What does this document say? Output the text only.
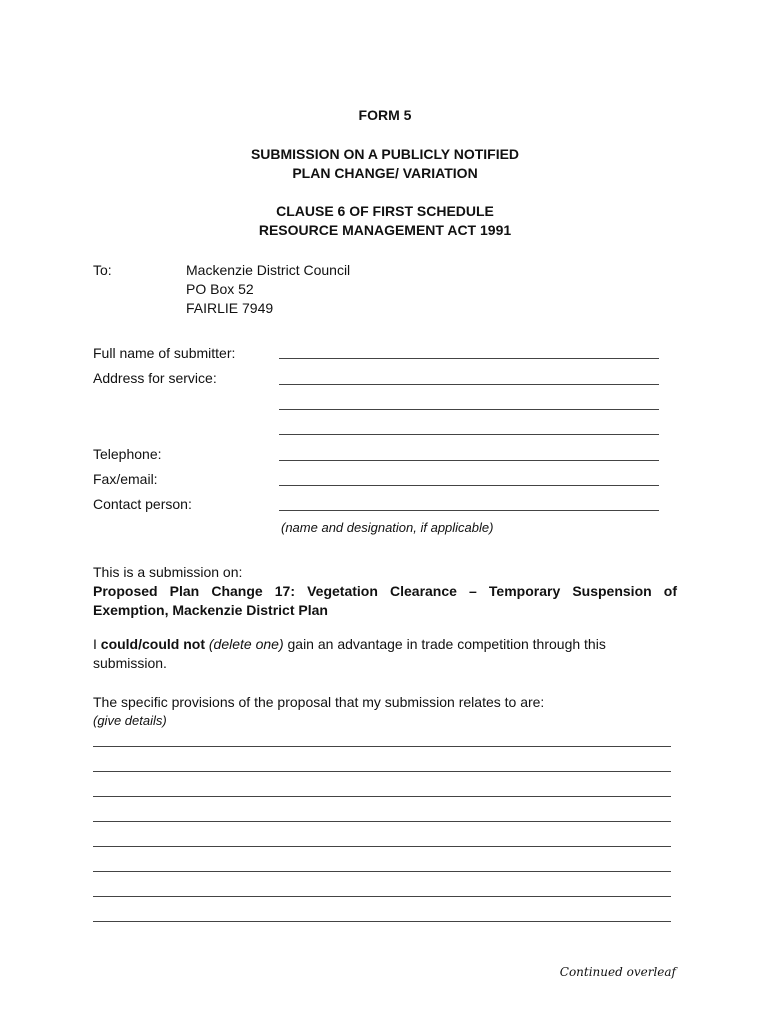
FORM 5
SUBMISSION ON A PUBLICLY NOTIFIED
PLAN CHANGE/ VARIATION
CLAUSE 6 OF FIRST SCHEDULE
RESOURCE MANAGEMENT ACT 1991
To:	Mackenzie District Council
PO Box 52
FAIRLIE 7949
Full name of submitter:
Address for service:
Telephone:
Fax/email:
Contact person:
(name and designation, if applicable)
This is a submission on:
Proposed Plan Change 17: Vegetation Clearance – Temporary Suspension of
Exemption, Mackenzie District Plan
I could/could not (delete one) gain an advantage in trade competition through this
submission.
The specific provisions of the proposal that my submission relates to are:
(give details)
Continued overleaf
